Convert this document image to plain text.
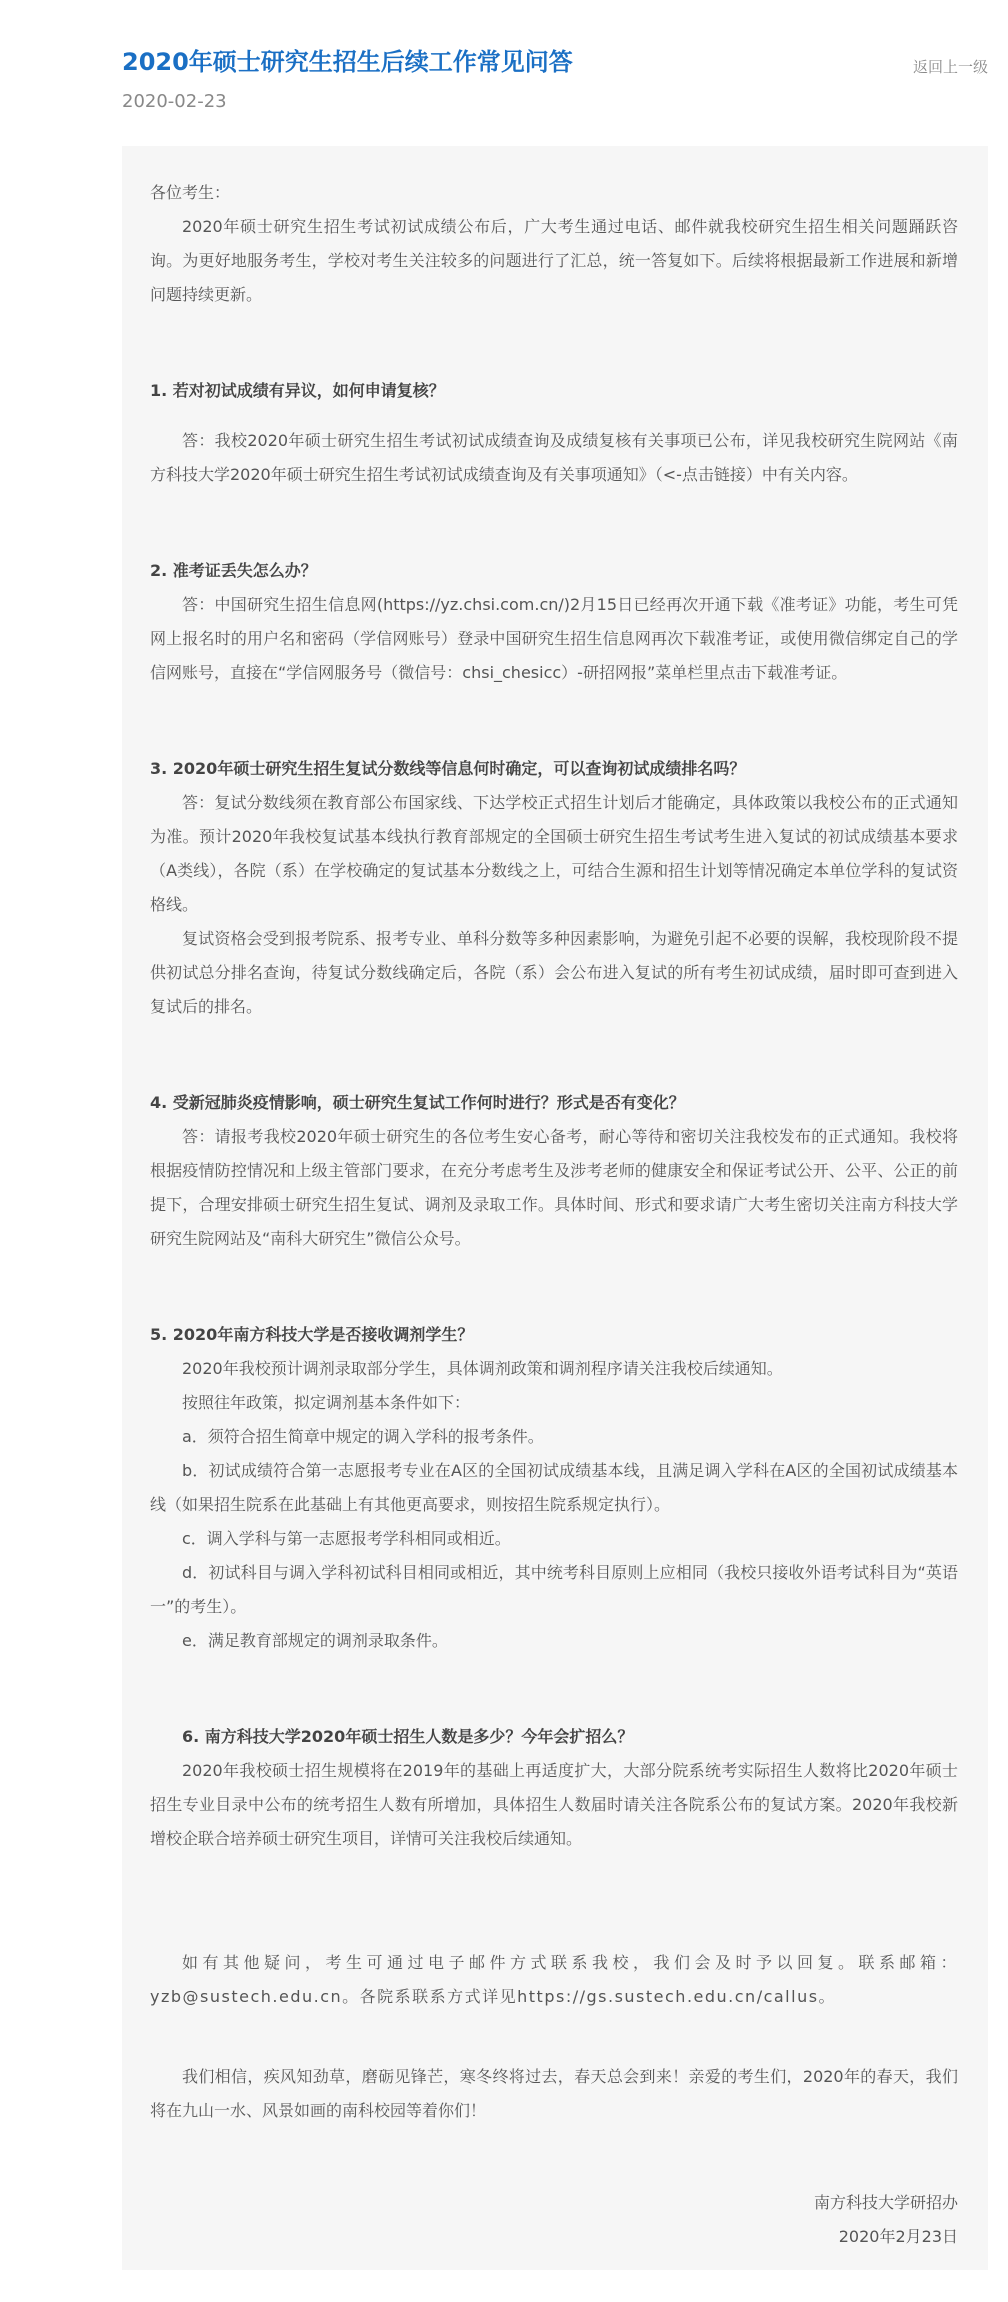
2020年硕士研究生招生后续工作常见问答
2020-02-23
返回上一级

各位考生：

2020年硕士研究生招生考试初试成绩公布后，广大考生通过电话、邮件就我校研究生招生相关问题踊跃咨询。为更好地服务考生，学校对考生关注较多的问题进行了汇总，统一答复如下。后续将根据最新工作进展和新增问题持续更新。

1. 若对初试成绩有异议，如何申请复核？

答：我校2020年硕士研究生招生考试初试成绩查询及成绩复核有关事项已公布，详见我校研究生院网站《南方科技大学2020年硕士研究生招生考试初试成绩查询及有关事项通知》（<-点击链接）中有关内容。

2. 准考证丢失怎么办？

答：中国研究生招生信息网(https://yz.chsi.com.cn/)2月15日已经再次开通下载《准考证》功能，考生可凭网上报名时的用户名和密码（学信网账号）登录中国研究生招生信息网再次下载准考证，或使用微信绑定自己的学信网账号，直接在“学信网服务号（微信号：chsi_chesicc）-研招网报”菜单栏里点击下载准考证。

3. 2020年硕士研究生招生复试分数线等信息何时确定，可以查询初试成绩排名吗？

答：复试分数线须在教育部公布国家线、下达学校正式招生计划后才能确定，具体政策以我校公布的正式通知为准。预计2020年我校复试基本线执行教育部规定的全国硕士研究生招生考试考生进入复试的初试成绩基本要求（A类线），各院（系）在学校确定的复试基本分数线之上，可结合生源和招生计划等情况确定本单位学科的复试资格线。

复试资格会受到报考院系、报考专业、单科分数等多种因素影响，为避免引起不必要的误解，我校现阶段不提供初试总分排名查询，待复试分数线确定后，各院（系）会公布进入复试的所有考生初试成绩，届时即可查到进入复试后的排名。

4. 受新冠肺炎疫情影响，硕士研究生复试工作何时进行？形式是否有变化？

答：请报考我校2020年硕士研究生的各位考生安心备考，耐心等待和密切关注我校发布的正式通知。我校将根据疫情防控情况和上级主管部门要求，在充分考虑考生及涉考老师的健康安全和保证考试公开、公平、公正的前提下，合理安排硕士研究生招生复试、调剂及录取工作。具体时间、形式和要求请广大考生密切关注南方科技大学研究生院网站及“南科大研究生”微信公众号。

5. 2020年南方科技大学是否接收调剂学生？

2020年我校预计调剂录取部分学生，具体调剂政策和调剂程序请关注我校后续通知。

按照往年政策，拟定调剂基本条件如下：

a．须符合招生简章中规定的调入学科的报考条件。

b．初试成绩符合第一志愿报考专业在A区的全国初试成绩基本线，且满足调入学科在A区的全国初试成绩基本线（如果招生院系在此基础上有其他更高要求，则按招生院系规定执行）。

c．调入学科与第一志愿报考学科相同或相近。

d．初试科目与调入学科初试科目相同或相近，其中统考科目原则上应相同（我校只接收外语考试科目为“英语一”的考生）。

e．满足教育部规定的调剂录取条件。

6. 南方科技大学2020年硕士招生人数是多少？今年会扩招么？

2020年我校硕士招生规模将在2019年的基础上再适度扩大，大部分院系统考实际招生人数将比2020年硕士招生专业目录中公布的统考招生人数有所增加，具体招生人数届时请关注各院系公布的复试方案。2020年我校新增校企联合培养硕士研究生项目，详情可关注我校后续通知。

如有其他疑问，考生可通过电子邮件方式联系我校，我们会及时予以回复。联系邮箱：yzb@sustech.edu.cn。各院系联系方式详见https://gs.sustech.edu.cn/callus。

我们相信，疾风知劲草，磨砺见锋芒，寒冬终将过去，春天总会到来！亲爱的考生们，2020年的春天，我们将在九山一水、风景如画的南科校园等着你们！

南方科技大学研招办

2020年2月23日
